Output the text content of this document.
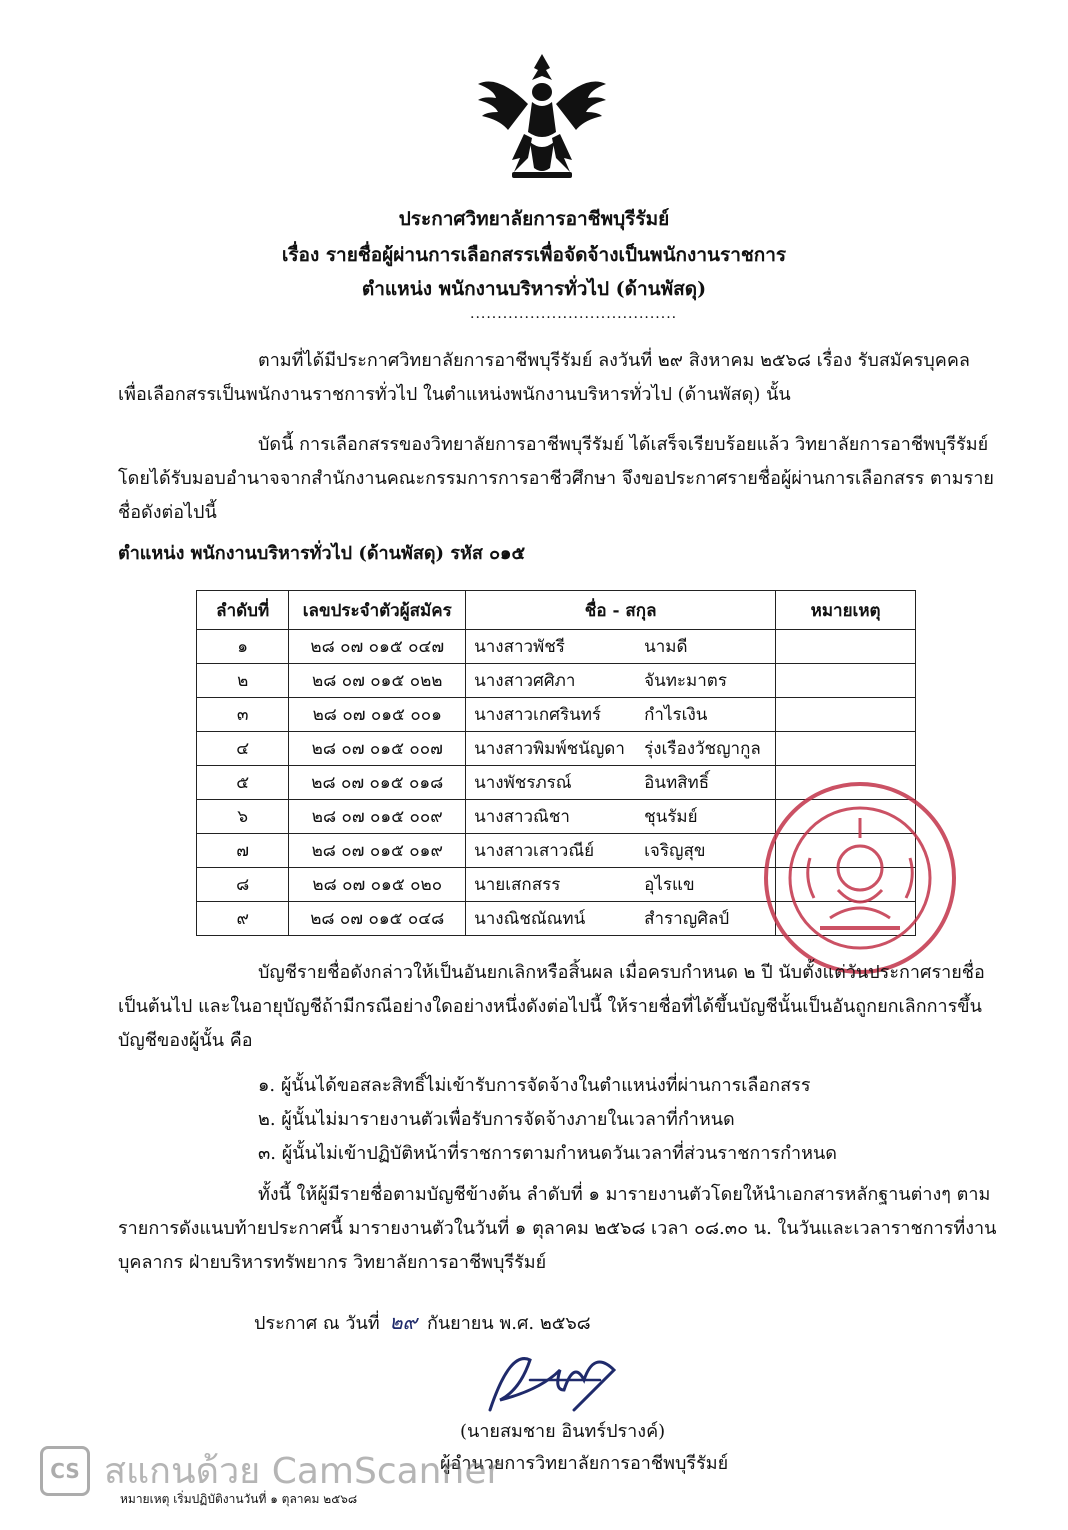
ประกาศวิทยาลัยการอาชีพบุรีรัมย์
เรื่อง รายชื่อผู้ผ่านการเลือกสรรเพื่อจัดจ้างเป็นพนักงานราชการ
ตำแหน่ง พนักงานบริหารทั่วไป (ด้านพัสดุ)
......................................
ตามที่ได้มีประกาศวิทยาลัยการอาชีพบุรีรัมย์ ลงวันที่ ๒๙ สิงหาคม ๒๕๖๘ เรื่อง รับสมัครบุคคลเพื่อเลือกสรรเป็นพนักงานราชการทั่วไป ในตำแหน่งพนักงานบริหารทั่วไป (ด้านพัสดุ) นั้น
บัดนี้ การเลือกสรรของวิทยาลัยการอาชีพบุรีรัมย์ ได้เสร็จเรียบร้อยแล้ว วิทยาลัยการอาชีพบุรีรัมย์ โดยได้รับมอบอำนาจจากสำนักงานคณะกรรมการการอาชีวศึกษา จึงขอประกาศรายชื่อผู้ผ่านการเลือกสรร ตามรายชื่อดังต่อไปนี้
ตำแหน่ง พนักงานบริหารทั่วไป (ด้านพัสดุ) รหัส ๐๑๕
ลำดับที่	เลขประจำตัวผู้สมัคร	ชื่อ - สกุล	หมายเหตุ
๑	๒๘ ๐๗ ๐๑๕ ๐๔๗	นางสาวพัชรี นามดี	
๒	๒๘ ๐๗ ๐๑๕ ๐๒๒	นางสาวศศิภา จันทะมาตร	
๓	๒๘ ๐๗ ๐๑๕ ๐๐๑	นางสาวเกศรินทร์ กำไรเงิน	
๔	๒๘ ๐๗ ๐๑๕ ๐๐๗	นางสาวพิมพ์ชนัญดา รุ่งเรืองวัชญากูล	
๕	๒๘ ๐๗ ๐๑๕ ๐๑๘	นางพัชรภรณ์ อินทสิทธิ์	
๖	๒๘ ๐๗ ๐๑๕ ๐๐๙	นางสาวณิชา ชุนรัมย์	
๗	๒๘ ๐๗ ๐๑๕ ๐๑๙	นางสาวเสาวณีย์ เจริญสุข	
๘	๒๘ ๐๗ ๐๑๕ ๐๒๐	นายเสกสรร อุไรแข	
๙	๒๘ ๐๗ ๐๑๕ ๐๔๘	นางณิชณัณทน์ สำราญศิลป์	
บัญชีรายชื่อดังกล่าวให้เป็นอันยกเลิกหรือสิ้นผล เมื่อครบกำหนด ๒ ปี นับตั้งแต่วันประกาศรายชื่อเป็นต้นไป และในอายุบัญชีถ้ามีกรณีอย่างใดอย่างหนึ่งดังต่อไปนี้ ให้รายชื่อที่ได้ขึ้นบัญชีนั้นเป็นอันถูกยกเลิกการขึ้นบัญชีของผู้นั้น คือ
๑. ผู้นั้นได้ขอสละสิทธิ์ไม่เข้ารับการจัดจ้างในตำแหน่งที่ผ่านการเลือกสรร
๒. ผู้นั้นไม่มารายงานตัวเพื่อรับการจัดจ้างภายในเวลาที่กำหนด
๓. ผู้นั้นไม่เข้าปฏิบัติหน้าที่ราชการตามกำหนดวันเวลาที่ส่วนราชการกำหนด
ทั้งนี้ ให้ผู้มีรายชื่อตามบัญชีข้างต้น ลำดับที่ ๑ มารายงานตัวโดยให้นำเอกสารหลักฐานต่างๆ ตามรายการดังแนบท้ายประกาศนี้ มารายงานตัวในวันที่ ๑ ตุลาคม ๒๕๖๘ เวลา ๐๘.๓๐ น. ในวันและเวลาราชการที่งานบุคลากร ฝ่ายบริหารทรัพยากร วิทยาลัยการอาชีพบุรีรัมย์
ประกาศ ณ วันที่ ๒๙ กันยายน พ.ศ. ๒๕๖๘
(นายสมชาย อินทร์ปรางค์)
ผู้อำนวยการวิทยาลัยการอาชีพบุรีรัมย์
CS สแกนด้วย CamScanner
หมายเหตุ เริ่มปฏิบัติงานวันที่ ๑ ตุลาคม ๒๕๖๘
